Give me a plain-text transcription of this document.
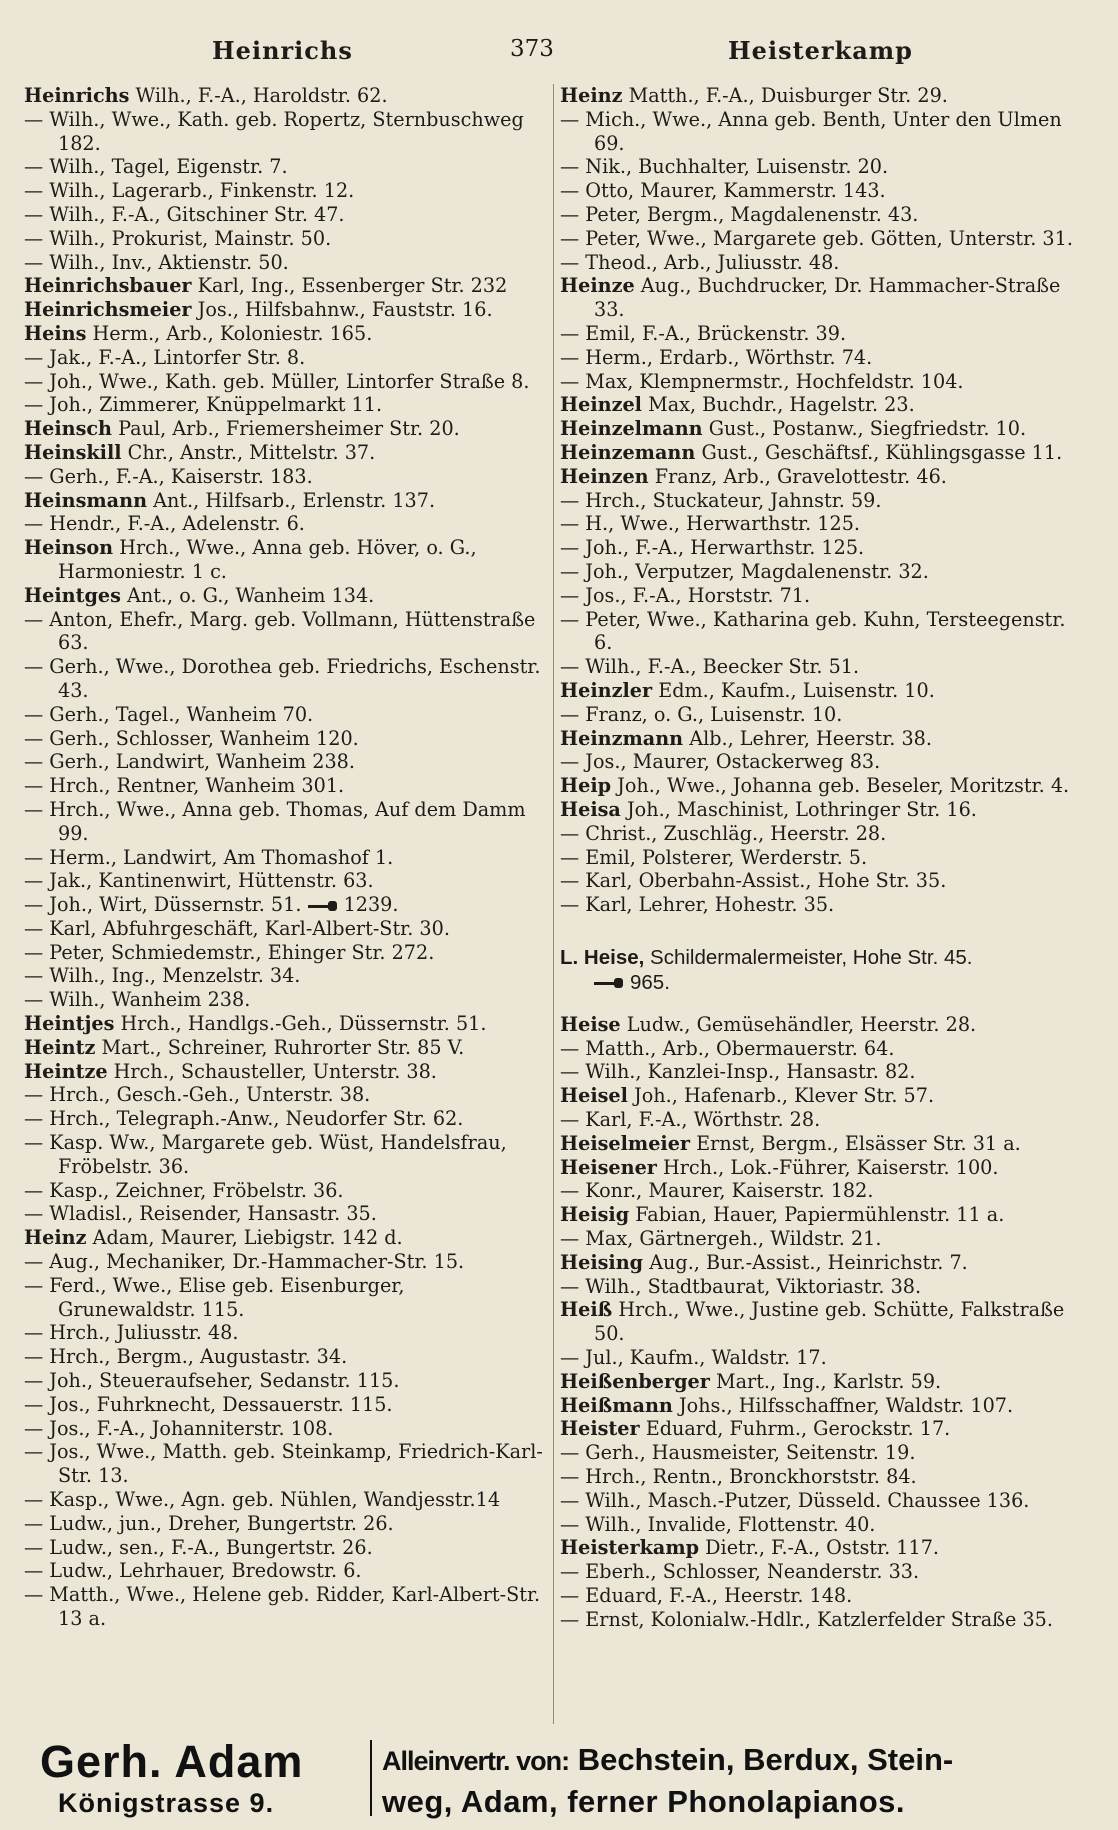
Heinrichs	373	Heisterkamp

Heinrichs Wilh., F.-A., Haroldstr. 62.

— Wilh., Wwe., Kath. geb. Ropertz, Sternbuschweg 182.

— Wilh., Tagel, Eigenstr. 7.

— Wilh., Lagerarb., Finkenstr. 12.

— Wilh., F.-A., Gitschiner Str. 47.

— Wilh., Prokurist, Mainstr. 50.

— Wilh., Inv., Aktienstr. 50.

Heinrichsbauer Karl, Ing., Essenberger Str. 232

Heinrichsmeier Jos., Hilfsbahnw., Fauststr. 16.

Heins Herm., Arb., Koloniestr. 165.

— Jak., F.-A., Lintorfer Str. 8.

— Joh., Wwe., Kath. geb. Müller, Lintorfer Straße 8.

— Joh., Zimmerer, Knüppelmarkt 11.

Heinsch Paul, Arb., Friemersheimer Str. 20.

Heinskill Chr., Anstr., Mittelstr. 37.

— Gerh., F.-A., Kaiserstr. 183.

Heinsmann Ant., Hilfsarb., Erlenstr. 137.

— Hendr., F.-A., Adelenstr. 6.

Heinson Hrch., Wwe., Anna geb. Höver, o. G., Harmoniestr. 1 c.

Heintges Ant., o. G., Wanheim 134.

— Anton, Ehefr., Marg. geb. Vollmann, Hüttenstraße 63.

— Gerh., Wwe., Dorothea geb. Friedrichs, Eschenstr. 43.

— Gerh., Tagel., Wanheim 70.

— Gerh., Schlosser, Wanheim 120.

— Gerh., Landwirt, Wanheim 238.

— Hrch., Rentner, Wanheim 301.

— Hrch., Wwe., Anna geb. Thomas, Auf dem Damm 99.

— Herm., Landwirt, Am Thomashof 1.

— Jak., Kantinenwirt, Hüttenstr. 63.

— Joh., Wirt, Düssernstr. 51. 1239.

— Karl, Abfuhrgeschäft, Karl-Albert-Str. 30.

— Peter, Schmiedemstr., Ehinger Str. 272.

— Wilh., Ing., Menzelstr. 34.

— Wilh., Wanheim 238.

Heintjes Hrch., Handlgs.-Geh., Düssernstr. 51.

Heintz Mart., Schreiner, Ruhrorter Str. 85 V.

Heintze Hrch., Schausteller, Unterstr. 38.

— Hrch., Gesch.-Geh., Unterstr. 38.

— Hrch., Telegraph.-Anw., Neudorfer Str. 62.

— Kasp. Ww., Margarete geb. Wüst, Handelsfrau, Fröbelstr. 36.

— Kasp., Zeichner, Fröbelstr. 36.

— Wladisl., Reisender, Hansastr. 35.

Heinz Adam, Maurer, Liebigstr. 142 d.

— Aug., Mechaniker, Dr.-Hammacher-Str. 15.

— Ferd., Wwe., Elise geb. Eisenburger, Grunewaldstr. 115.

— Hrch., Juliusstr. 48.

— Hrch., Bergm., Augustastr. 34.

— Joh., Steueraufseher, Sedanstr. 115.

— Jos., Fuhrknecht, Dessauerstr. 115.

— Jos., F.-A., Johanniterstr. 108.

— Jos., Wwe., Matth. geb. Steinkamp, Friedrich-Karl-Str. 13.

— Kasp., Wwe., Agn. geb. Nühlen, Wandjesstr.14

— Ludw., jun., Dreher, Bungertstr. 26.

— Ludw., sen., F.-A., Bungertstr. 26.

— Ludw., Lehrhauer, Bredowstr. 6.

— Matth., Wwe., Helene geb. Ridder, Karl-Albert-Str. 13 a.

Heinz Matth., F.-A., Duisburger Str. 29.

— Mich., Wwe., Anna geb. Benth, Unter den Ulmen 69.

— Nik., Buchhalter, Luisenstr. 20.

— Otto, Maurer, Kammerstr. 143.

— Peter, Bergm., Magdalenenstr. 43.

— Peter, Wwe., Margarete geb. Götten, Unterstr. 31.

— Theod., Arb., Juliusstr. 48.

Heinze Aug., Buchdrucker, Dr. Hammacher-Straße 33.

— Emil, F.-A., Brückenstr. 39.

— Herm., Erdarb., Wörthstr. 74.

— Max, Klempnermstr., Hochfeldstr. 104.

Heinzel Max, Buchdr., Hagelstr. 23.

Heinzelmann Gust., Postanw., Siegfriedstr. 10.

Heinzemann Gust., Geschäftsf., Kühlingsgasse 11.

Heinzen Franz, Arb., Gravelottestr. 46.

— Hrch., Stuckateur, Jahnstr. 59.

— H., Wwe., Herwarthstr. 125.

— Joh., F.-A., Herwarthstr. 125.

— Joh., Verputzer, Magdalenenstr. 32.

— Jos., F.-A., Horststr. 71.

— Peter, Wwe., Katharina geb. Kuhn, Tersteegenstr. 6.

— Wilh., F.-A., Beecker Str. 51.

Heinzler Edm., Kaufm., Luisenstr. 10.

— Franz, o. G., Luisenstr. 10.

Heinzmann Alb., Lehrer, Heerstr. 38.

— Jos., Maurer, Ostackerweg 83.

Heip Joh., Wwe., Johanna geb. Beseler, Moritzstr. 4.

Heisa Joh., Maschinist, Lothringer Str. 16.

— Christ., Zuschläg., Heerstr. 28.

— Emil, Polsterer, Werderstr. 5.

— Karl, Oberbahn-Assist., Hohe Str. 35.

— Karl, Lehrer, Hohestr. 35.

L. Heise, Schildermalermeister, Hohe Str. 45.
965.

Heise Ludw., Gemüsehändler, Heerstr. 28.

— Matth., Arb., Obermauerstr. 64.

— Wilh., Kanzlei-Insp., Hansastr. 82.

Heisel Joh., Hafenarb., Klever Str. 57.

— Karl, F.-A., Wörthstr. 28.

Heiselmeier Ernst, Bergm., Elsässer Str. 31 a.

Heisener Hrch., Lok.-Führer, Kaiserstr. 100.

— Konr., Maurer, Kaiserstr. 182.

Heisig Fabian, Hauer, Papiermühlenstr. 11 a.

— Max, Gärtnergeh., Wildstr. 21.

Heising Aug., Bur.-Assist., Heinrichstr. 7.

— Wilh., Stadtbaurat, Viktoriastr. 38.

Heiß Hrch., Wwe., Justine geb. Schütte, Falkstraße 50.

— Jul., Kaufm., Waldstr. 17.

Heißenberger Mart., Ing., Karlstr. 59.

Heißmann Johs., Hilfsschaffner, Waldstr. 107.

Heister Eduard, Fuhrm., Gerockstr. 17.

— Gerh., Hausmeister, Seitenstr. 19.

— Hrch., Rentn., Bronckhorststr. 84.

— Wilh., Masch.-Putzer, Düsseld. Chaussee 136.

— Wilh., Invalide, Flottenstr. 40.

Heisterkamp Dietr., F.-A., Oststr. 117.

— Eberh., Schlosser, Neanderstr. 33.

— Eduard, F.-A., Heerstr. 148.

— Ernst, Kolonialw.-Hdlr., Katzlerfelder Straße 35.

Gerh. Adam
Königstrasse 9.
Alleinvertr. von: Bechstein, Berdux, Stein-
weg, Adam, ferner Phonolapianos.
